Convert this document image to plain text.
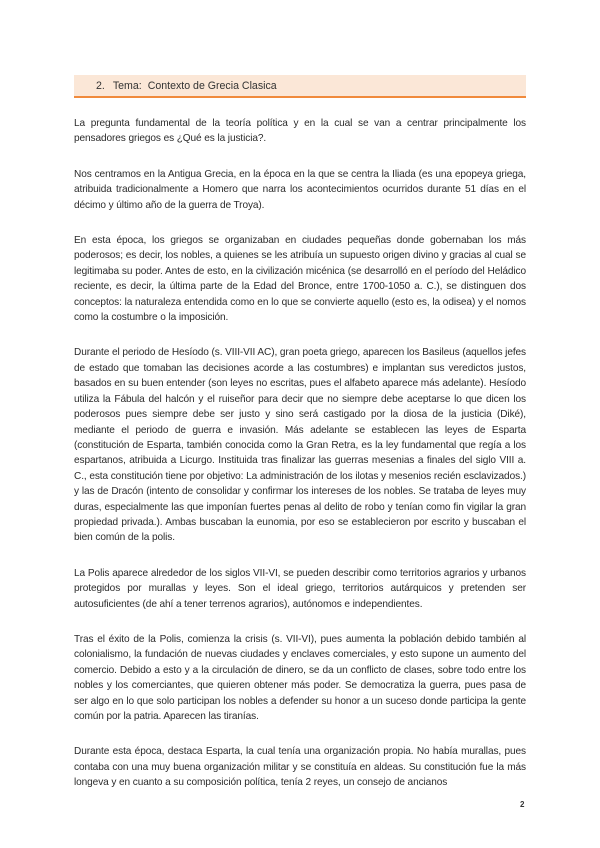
2. Tema: Contexto de Grecia Clasica

La pregunta fundamental de la teoría política y en la cual se van a centrar principalmente los pensadores griegos es ¿Qué es la justicia?.

Nos centramos en la Antigua Grecia, en la época en la que se centra la Iliada (es una epopeya griega, atribuida tradicionalmente a Homero que narra los acontecimientos ocurridos durante 51 días en el décimo y último año de la guerra de Troya).

En esta época, los griegos se organizaban en ciudades pequeñas donde gobernaban los más poderosos; es decir, los nobles, a quienes se les atribuía un supuesto origen divino y gracias al cual se legitimaba su poder. Antes de esto, en la civilización micénica (se desarrolló en el período del Heládico reciente, es decir, la última parte de la Edad del Bronce, entre 1700-1050 a. C.), se distinguen dos conceptos: la naturaleza entendida como en lo que se convierte aquello (esto es, la odisea) y el nomos como la costumbre o la imposición.

Durante el periodo de Hesíodo (s. VIII-VII AC), gran poeta griego, aparecen los Basileus (aquellos jefes de estado que tomaban las decisiones acorde a las costumbres) e implantan sus veredictos justos, basados en su buen entender (son leyes no escritas, pues el alfabeto aparece más adelante). Hesíodo utiliza la Fábula del halcón y el ruiseñor para decir que no siempre debe aceptarse lo que dicen los poderosos pues siempre debe ser justo y sino será castigado por la diosa de la justicia (Diké), mediante el periodo de guerra e invasión. Más adelante se establecen las leyes de Esparta (constitución de Esparta, también conocida como la Gran Retra, es la ley fundamental que regía a los espartanos, atribuida a Licurgo. Instituida tras finalizar las guerras mesenias a finales del siglo VIII a. C., esta constitución tiene por objetivo: La administración de los ilotas y mesenios recién esclavizados.) y las de Dracón (intento de consolidar y confirmar los intereses de los nobles. Se trataba de leyes muy duras, especialmente las que imponían fuertes penas al delito de robo y tenían como fin vigilar la gran propiedad privada.). Ambas buscaban la eunomia, por eso se establecieron por escrito y buscaban el bien común de la polis.

La Polis aparece alrededor de los siglos VII-VI, se pueden describir como territorios agrarios y urbanos protegidos por murallas y leyes. Son el ideal griego, territorios autárquicos y pretenden ser autosuficientes (de ahí a tener terrenos agrarios), autónomos e independientes.

Tras el éxito de la Polis, comienza la crisis (s. VII-VI), pues aumenta la población debido también al colonialismo, la fundación de nuevas ciudades y enclaves comerciales, y esto supone un aumento del comercio. Debido a esto y a la circulación de dinero, se da un conflicto de clases, sobre todo entre los nobles y los comerciantes, que quieren obtener más poder. Se democratiza la guerra, pues pasa de ser algo en lo que solo participan los nobles a defender su honor a un suceso donde participa la gente común por la patria. Aparecen las tiranías.

Durante esta época, destaca Esparta, la cual tenía una organización propia. No había murallas, pues contaba con una muy buena organización militar y se constituía en aldeas. Su constitución fue la más longeva y en cuanto a su composición política, tenía 2 reyes, un consejo de ancianos

2
